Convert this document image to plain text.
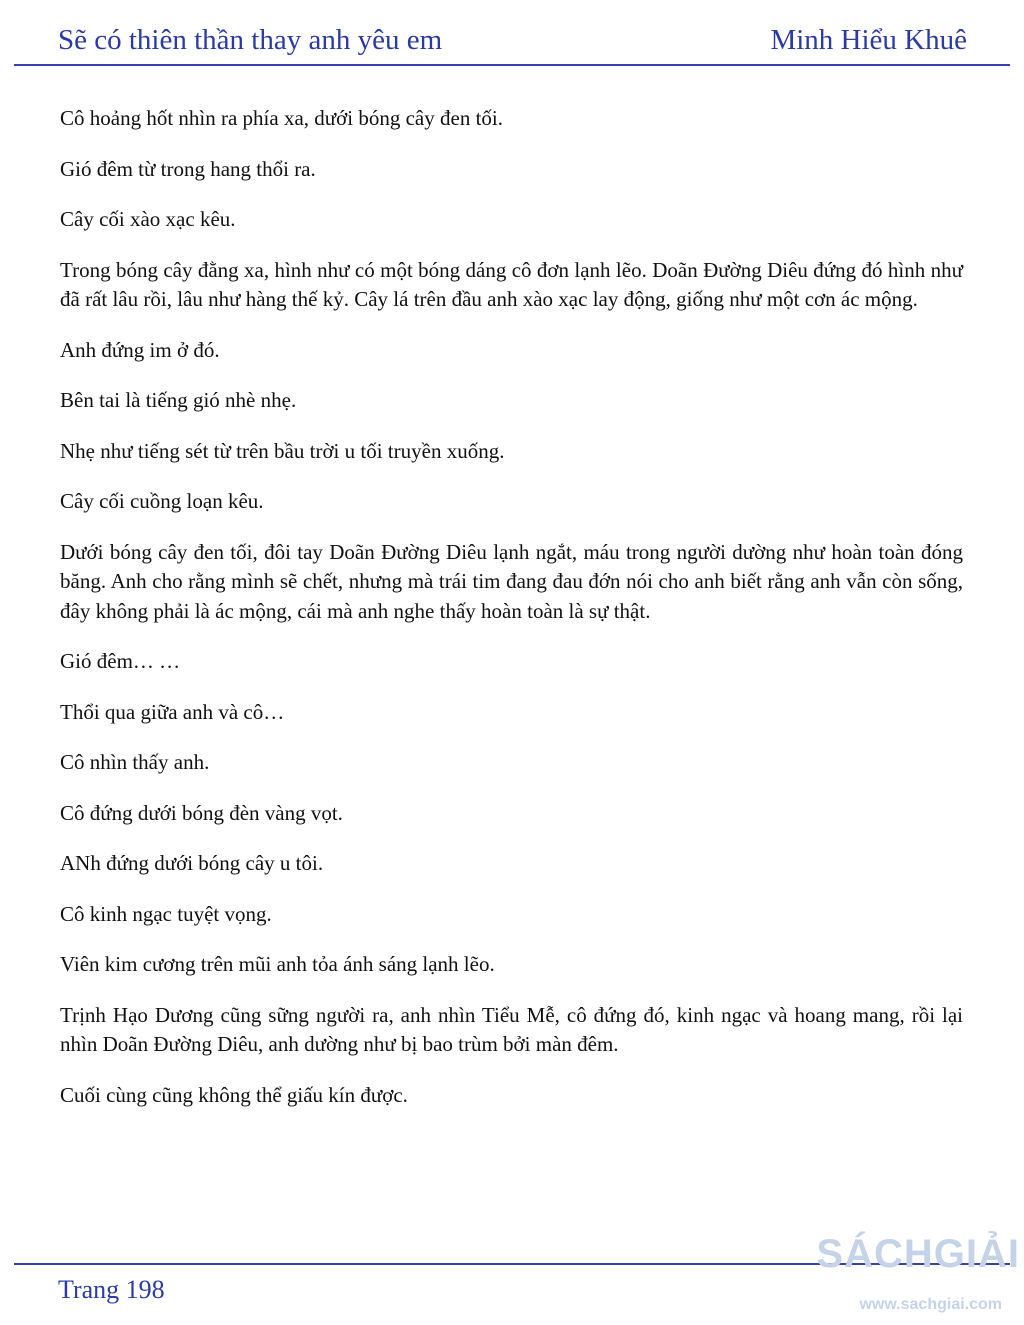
Sẽ có thiên thần thay anh yêu em	Minh Hiểu Khuê

Cô hoảng hốt nhìn ra phía xa, dưới bóng cây đen tối.

Gió đêm từ trong hang thổi ra.

Cây cối xào xạc kêu.

Trong bóng cây đằng xa, hình như có một bóng dáng cô đơn lạnh lẽo. Doãn Đường Diêu đứng đó hình như đã rất lâu rồi, lâu như hàng thế kỷ. Cây lá trên đầu anh xào xạc lay động, giống như một cơn ác mộng.

Anh đứng im ở đó.

Bên tai là tiếng gió nhè nhẹ.

Nhẹ như tiếng sét từ trên bầu trời u tối truyền xuống.

Cây cối cuồng loạn kêu.

Dưới bóng cây đen tối, đôi tay Doãn Đường Diêu lạnh ngắt, máu trong người dường như hoàn toàn đóng băng. Anh cho rằng mình sẽ chết, nhưng mà trái tim đang đau đớn nói cho anh biết rằng anh vẫn còn sống, đây không phải là ác mộng, cái mà anh nghe thấy hoàn toàn là sự thật.

Gió đêm… …

Thổi qua giữa anh và cô…

Cô nhìn thấy anh.

Cô đứng dưới bóng đèn vàng vọt.

ANh đứng dưới bóng cây u tôi.

Cô kinh ngạc tuyệt vọng.

Viên kim cương trên mũi anh tỏa ánh sáng lạnh lẽo.

Trịnh Hạo Dương cũng sững người ra, anh nhìn Tiểu Mễ, cô đứng đó, kinh ngạc và hoang mang, rồi lại nhìn Doãn Đường Diêu, anh dường như bị bao trùm bởi màn đêm.

Cuối cùng cũng không thể giấu kín được.

Trang 198
SÁCHGIẢI
www.sachgiai.com
